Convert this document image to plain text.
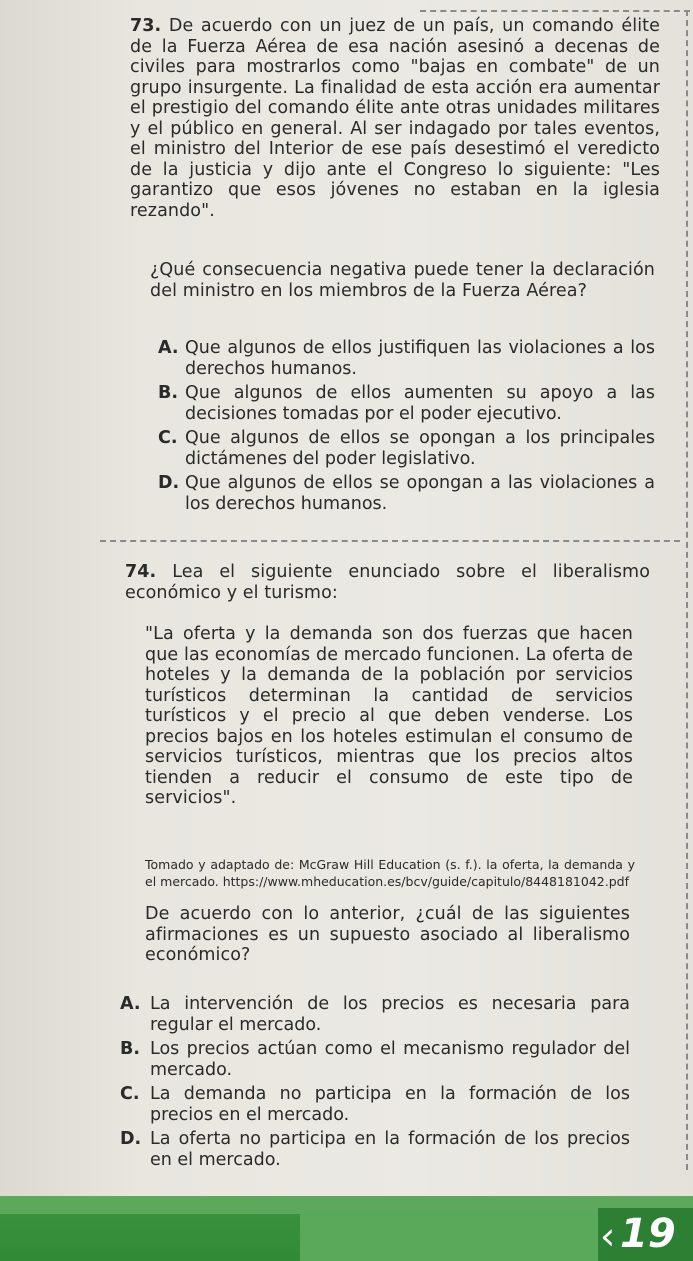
73. De acuerdo con un juez de un país, un comando élite de la Fuerza Aérea de esa nación asesinó a decenas de civiles para mostrarlos como "bajas en combate" de un grupo insurgente. La finalidad de esta acción era aumentar el prestigio del comando élite ante otras unidades militares y el público en general. Al ser indagado por tales eventos, el ministro del Interior de ese país desestimó el veredicto de la justicia y dijo ante el Congreso lo siguiente: "Les garantizo que esos jóvenes no estaban en la iglesia rezando".
¿Qué consecuencia negativa puede tener la declaración del ministro en los miembros de la Fuerza Aérea?
A. Que algunos de ellos justifiquen las violaciones a los derechos humanos.
B. Que algunos de ellos aumenten su apoyo a las decisiones tomadas por el poder ejecutivo.
C. Que algunos de ellos se opongan a los principales dictámenes del poder legislativo.
D. Que algunos de ellos se opongan a las violaciones a los derechos humanos.
74. Lea el siguiente enunciado sobre el liberalismo económico y el turismo:
"La oferta y la demanda son dos fuerzas que hacen que las economías de mercado funcionen. La oferta de hoteles y la demanda de la población por servicios turísticos determinan la cantidad de servicios turísticos y el precio al que deben venderse. Los precios bajos en los hoteles estimulan el consumo de servicios turísticos, mientras que los precios altos tienden a reducir el consumo de este tipo de servicios".
Tomado y adaptado de: McGraw Hill Education (s. f.). la oferta, la demanda y el mercado. https://www.mheducation.es/bcv/guide/capitulo/8448181042.pdf
De acuerdo con lo anterior, ¿cuál de las siguientes afirmaciones es un supuesto asociado al liberalismo económico?
A. La intervención de los precios es necesaria para regular el mercado.
B. Los precios actúan como el mecanismo regulador del mercado.
C. La demanda no participa en la formación de los precios en el mercado.
D. La oferta no participa en la formación de los precios en el mercado.
‹ 19
